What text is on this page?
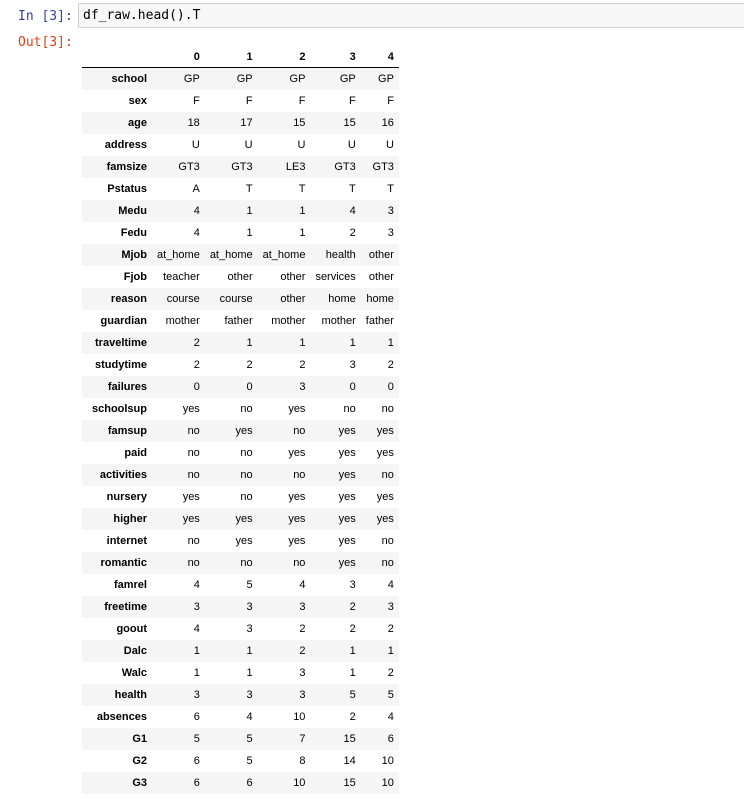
In [3]: df_raw.head().T
Out[3]:
	0	1	2	3	4
school	GP	GP	GP	GP	GP
sex	F	F	F	F	F
age	18	17	15	15	16
address	U	U	U	U	U
famsize	GT3	GT3	LE3	GT3	GT3
Pstatus	A	T	T	T	T
Medu	4	1	1	4	3
Fedu	4	1	1	2	3
Mjob	at_home	at_home	at_home	health	other
Fjob	teacher	other	other	services	other
reason	course	course	other	home	home
guardian	mother	father	mother	mother	father
traveltime	2	1	1	1	1
studytime	2	2	2	3	2
failures	0	0	3	0	0
schoolsup	yes	no	yes	no	no
famsup	no	yes	no	yes	yes
paid	no	no	yes	yes	yes
activities	no	no	no	yes	no
nursery	yes	no	yes	yes	yes
higher	yes	yes	yes	yes	yes
internet	no	yes	yes	yes	no
romantic	no	no	no	yes	no
famrel	4	5	4	3	4
freetime	3	3	3	2	3
goout	4	3	2	2	2
Dalc	1	1	2	1	1
Walc	1	1	3	1	2
health	3	3	3	5	5
absences	6	4	10	2	4
G1	5	5	7	15	6
G2	6	5	8	14	10
G3	6	6	10	15	10
